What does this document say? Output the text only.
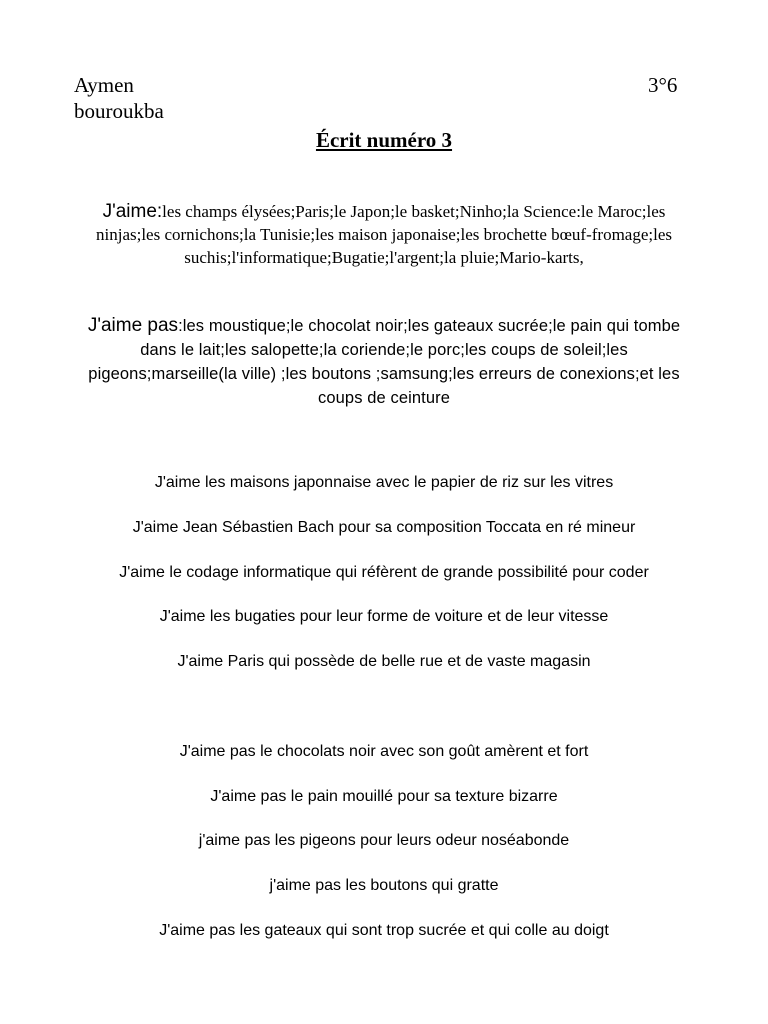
Aymen
bouroukba
3°6
Écrit numéro 3
J'aime:les champs élysées;Paris;le Japon;le basket;Ninho;la Science:le Maroc;les ninjas;les cornichons;la Tunisie;les maison japonaise;les brochette bœuf-fromage;les suchis;l'informatique;Bugatie;l'argent;la pluie;Mario-karts,
J'aime pas:les moustique;le chocolat noir;les gateaux sucrée;le pain qui tombe dans le lait;les salopette;la coriende;le porc;les coups de soleil;les pigeons;marseille(la ville) ;les boutons ;samsung;les erreurs de conexions;et les coups de ceinture
J'aime les maisons japonnaise avec le papier de riz sur les vitres
J'aime Jean Sébastien Bach pour sa composition Toccata en ré mineur
J'aime le codage informatique qui réfèrent de grande possibilité pour coder
J'aime les bugaties pour leur forme de voiture et de leur vitesse
J'aime Paris qui possède de belle rue et de vaste magasin
J'aime pas le chocolats noir avec son goût amèrent et fort
J'aime pas le pain mouillé pour sa texture bizarre
j'aime pas les pigeons pour leurs odeur noséabonde
j'aime pas les boutons qui gratte
J'aime pas les gateaux qui sont trop sucrée et qui colle au doigt
